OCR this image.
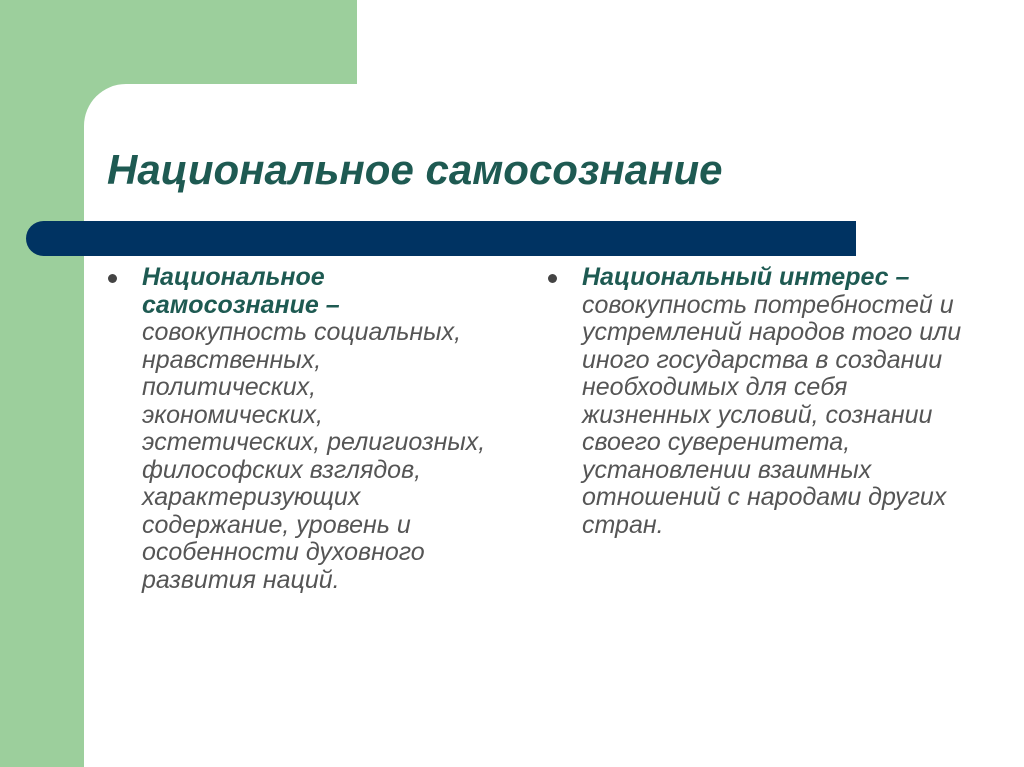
Национальное самосознание
Национальное самосознание – совокупность социальных, нравственных, политических, экономических, эстетических, религиозных, философских взглядов, характеризующих содержание, уровень и особенности духовного развития наций.
Национальный интерес – совокупность потребностей и устремлений народов того или иного государства в создании необходимых для себя жизненных условий, сознании своего суверенитета, установлении взаимных отношений с народами других стран.
